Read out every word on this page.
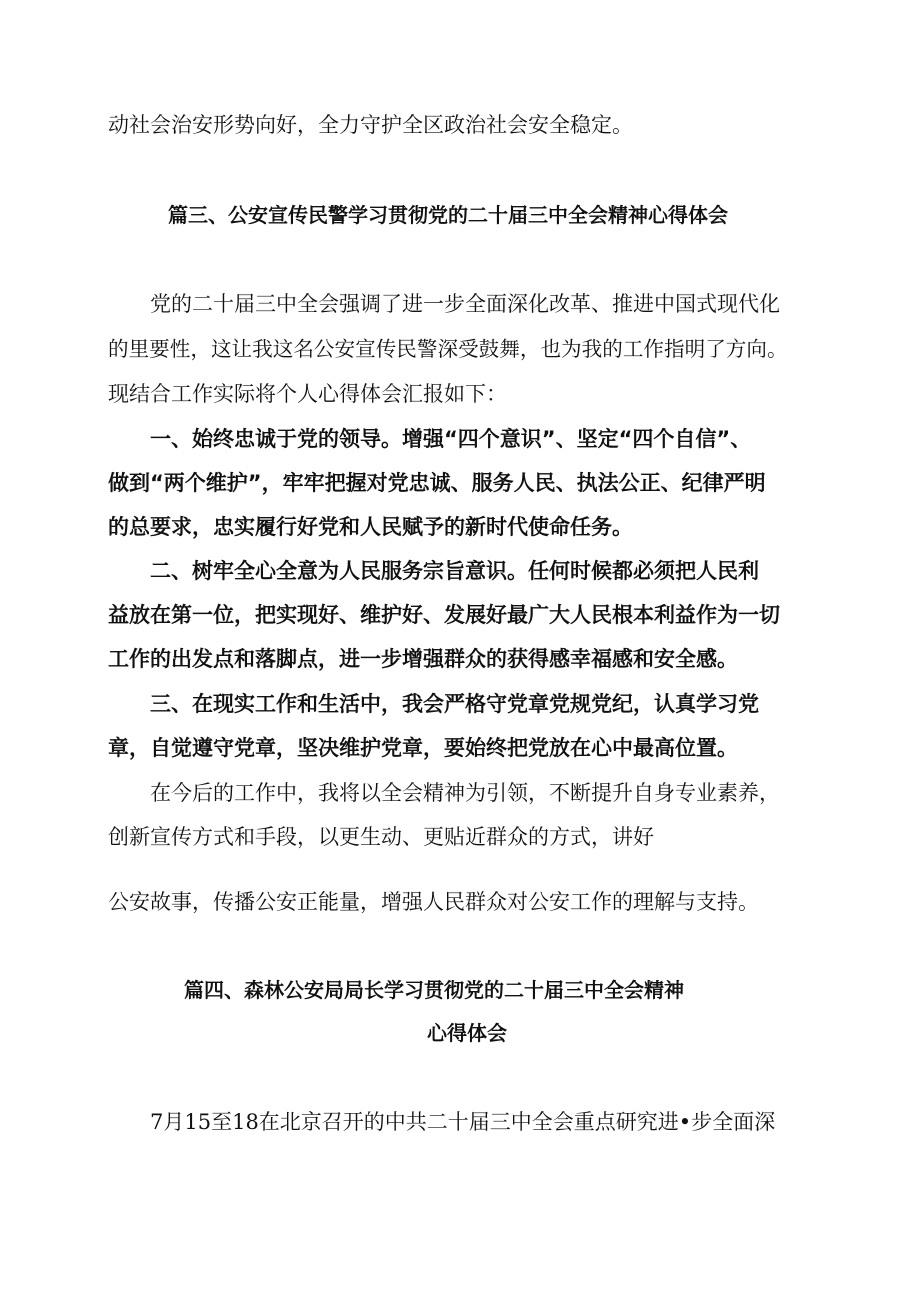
动社会治安形势向好，全力守护全区政治社会安全稳定。

篇三、公安宣传民警学习贯彻党的二十届三中全会精神心得体会

党的二十届三中全会强调了进一步全面深化改革、推进中国式现代化

的里要性，这让我这名公安宣传民警深受鼓舞，也为我的工作指明了方向。

现结合工作实际将个人心得体会汇报如下：

一、始终忠诚于党的领导。增强“四个意识”、坚定“四个自信”、

做到“两个维护”，牢牢把握对党忠诚、服务人民、执法公正、纪律严明

的总要求，忠实履行好党和人民赋予的新时代使命任务。

二、树牢全心全意为人民服务宗旨意识。任何时候都必须把人民利

益放在第一位，把实现好、维护好、发展好最广大人民根本利益作为一切

工作的出发点和落脚点，进一步增强群众的获得感幸福感和安全感。

三、在现实工作和生活中，我会严格守党章党规党纪，认真学习党

章，自觉遵守党章，坚决维护党章，要始终把党放在心中最高位置。

在今后的工作中，我将以全会精神为引领，不断提升自身专业素养，

创新宣传方式和手段，以更生动、更贴近群众的方式，讲好

公安故事，传播公安正能量，增强人民群众对公安工作的理解与支持。

篇四、森林公安局局长学习贯彻党的二十届三中全会精神

心得体会

7月15至18在北京召开的中共二十届三中全会重点研究进•步全面深
